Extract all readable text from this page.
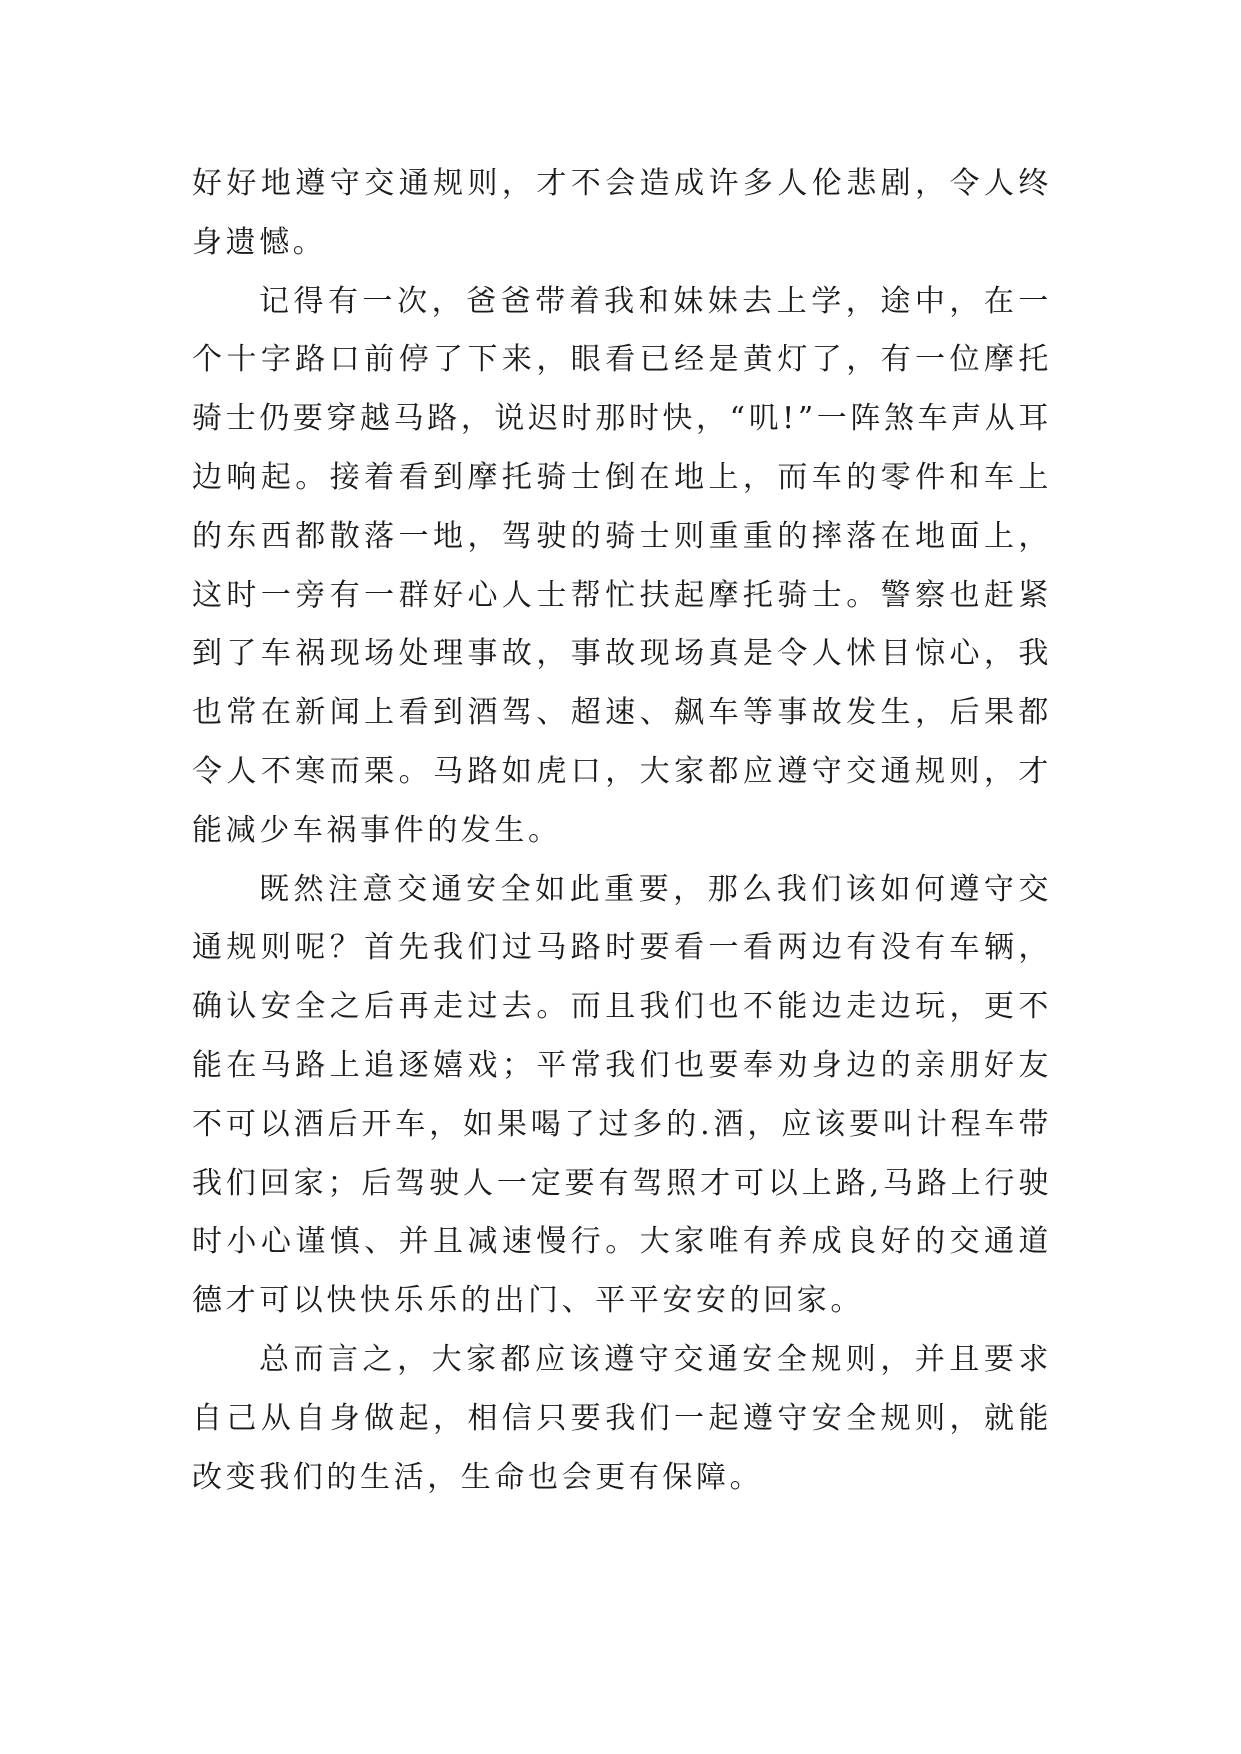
好好地遵守交通规则，才不会造成许多人伦悲剧，令人终身遗憾。

记得有一次，爸爸带着我和妹妹去上学，途中，在一个十字路口前停了下来，眼看已经是黄灯了，有一位摩托骑士仍要穿越马路，说迟时那时快，“叽!”一阵煞车声从耳边响起。接着看到摩托骑士倒在地上，而车的零件和车上的东西都散落一地，驾驶的骑士则重重的摔落在地面上，这时一旁有一群好心人士帮忙扶起摩托骑士。警察也赶紧到了车祸现场处理事故，事故现场真是令人怵目惊心，我也常在新闻上看到酒驾、超速、飙车等事故发生，后果都令人不寒而栗。马路如虎口，大家都应遵守交通规则，才能减少车祸事件的发生。

既然注意交通安全如此重要，那么我们该如何遵守交通规则呢？首先我们过马路时要看一看两边有没有车辆，确认安全之后再走过去。而且我们也不能边走边玩，更不能在马路上追逐嬉戏；平常我们也要奉劝身边的亲朋好友不可以酒后开车，如果喝了过多的.酒，应该要叫计程车带我们回家；后驾驶人一定要有驾照才可以上路,马路上行驶时小心谨慎、并且减速慢行。大家唯有养成良好的交通道德才可以快快乐乐的出门、平平安安的回家。

总而言之，大家都应该遵守交通安全规则，并且要求自己从自身做起，相信只要我们一起遵守安全规则，就能改变我们的生活，生命也会更有保障。
